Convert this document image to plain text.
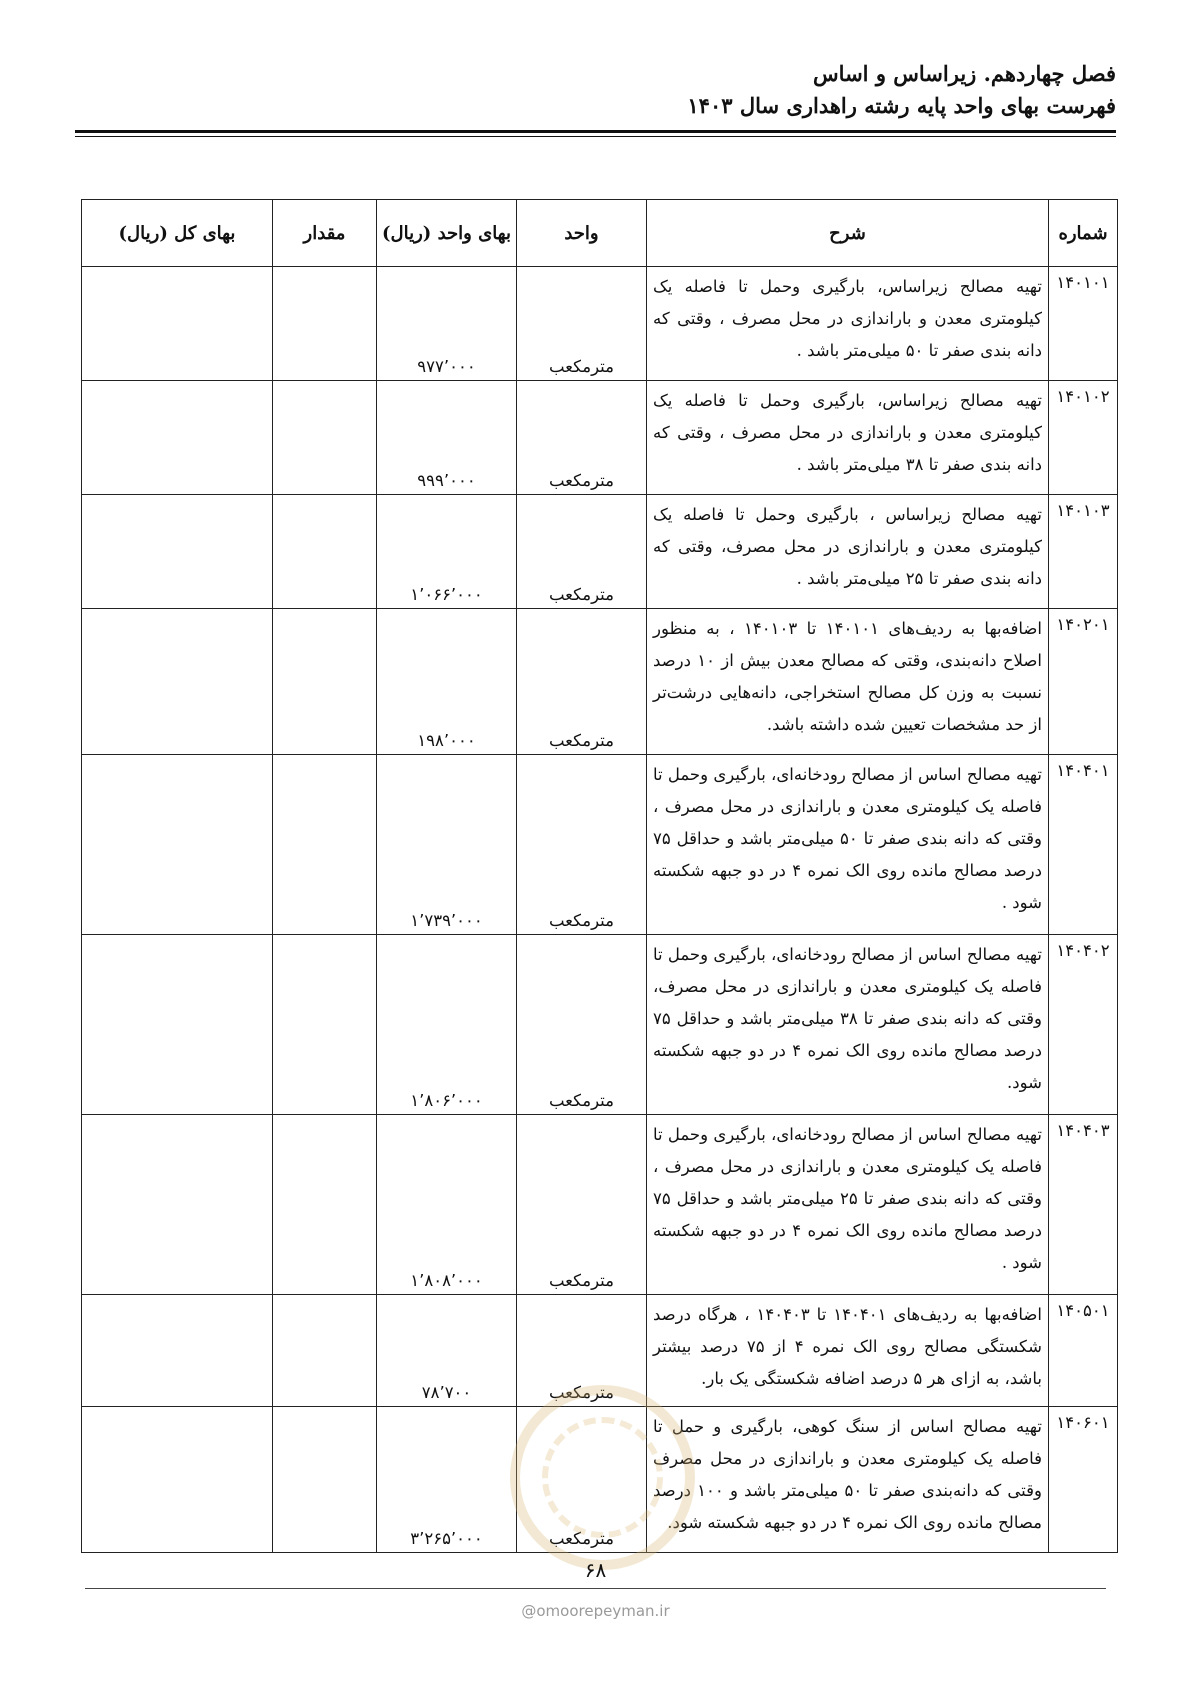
فصل چهاردهم. زیراساس و اساس
فهرست بهای واحد پایه رشته راهداری سال ۱۴۰۳
شماره	شرح	واحد	بهای واحد (ریال)	مقدار	بهای کل (ریال)
۱۴۰۱۰۱	تهیه مصالح زیراساس، بارگیری وحمل تا فاصله یک کیلومتری معدن و باراندازی در محل مصرف ، وقتی که دانه بندی صفر تا ۵۰ میلی‌متر باشد .	مترمکعب	۹۷۷٬۰۰۰		
۱۴۰۱۰۲	تهیه مصالح زیراساس، بارگیری وحمل تا فاصله یک کیلومتری معدن و باراندازی در محل مصرف ، وقتی که دانه بندی صفر تا ۳۸ میلی‌متر باشد .	مترمکعب	۹۹۹٬۰۰۰		
۱۴۰۱۰۳	تهیه مصالح زیراساس ، بارگیری وحمل تا فاصله یک کیلومتری معدن و باراندازی در محل مصرف، وقتی که دانه بندی صفر تا ۲۵ میلی‌متر باشد .	مترمکعب	۱٬۰۶۶٬۰۰۰		
۱۴۰۲۰۱	اضافه‌بها به ردیف‌های ۱۴۰۱۰۱ تا ۱۴۰۱۰۳ ، به منظور اصلاح دانه‌بندی، وقتی که مصالح معدن بیش از ۱۰ درصد نسبت به وزن کل مصالح استخراجی، دانه‌هایی درشت‌تر از حد مشخصات تعیین شده داشته باشد.	مترمکعب	۱۹۸٬۰۰۰		
۱۴۰۴۰۱	تهیه مصالح اساس از مصالح رودخانه‌ای، بارگیری وحمل تا فاصله یک کیلومتری معدن و باراندازی در محل مصرف ، وقتی که دانه بندی صفر تا ۵۰ میلی‌متر باشد و حداقل ۷۵ درصد مصالح مانده روی الک نمره ۴ در دو جبهه شکسته شود .	مترمکعب	۱٬۷۳۹٬۰۰۰		
۱۴۰۴۰۲	تهیه مصالح اساس از مصالح رودخانه‌ای، بارگیری وحمل تا فاصله یک کیلومتری معدن و باراندازی در محل مصرف، وقتی که دانه بندی صفر تا ۳۸ میلی‌متر باشد و حداقل ۷۵ درصد مصالح مانده روی الک نمره ۴ در دو جبهه شکسته شود.	مترمکعب	۱٬۸۰۶٬۰۰۰		
۱۴۰۴۰۳	تهیه مصالح اساس از مصالح رودخانه‌ای، بارگیری وحمل تا فاصله یک کیلومتری معدن و باراندازی در محل مصرف ، وقتی که دانه بندی صفر تا ۲۵ میلی‌متر باشد و حداقل ۷۵ درصد مصالح مانده روی الک نمره ۴ در دو جبهه شکسته شود .	مترمکعب	۱٬۸۰۸٬۰۰۰		
۱۴۰۵۰۱	اضافه‌بها به ردیف‌های ۱۴۰۴۰۱ تا ۱۴۰۴۰۳ ، هرگاه درصد شکستگی مصالح روی الک نمره ۴ از ۷۵ درصد بیشتر باشد، به ازای هر ۵ درصد اضافه شکستگی یک بار.	مترمکعب	۷۸٬۷۰۰		
۱۴۰۶۰۱	تهیه مصالح اساس از سنگ کوهی، بارگیری و حمل تا فاصله یک کیلومتری معدن و باراندازی در محل مصرف وقتی که دانه‌بندی صفر تا ۵۰ میلی‌متر باشد و ۱۰۰ درصد مصالح مانده روی الک نمره ۴ در دو جبهه شکسته شود.	مترمکعب	۳٬۲۶۵٬۰۰۰		
۶۸
@omoorepeyman.ir
